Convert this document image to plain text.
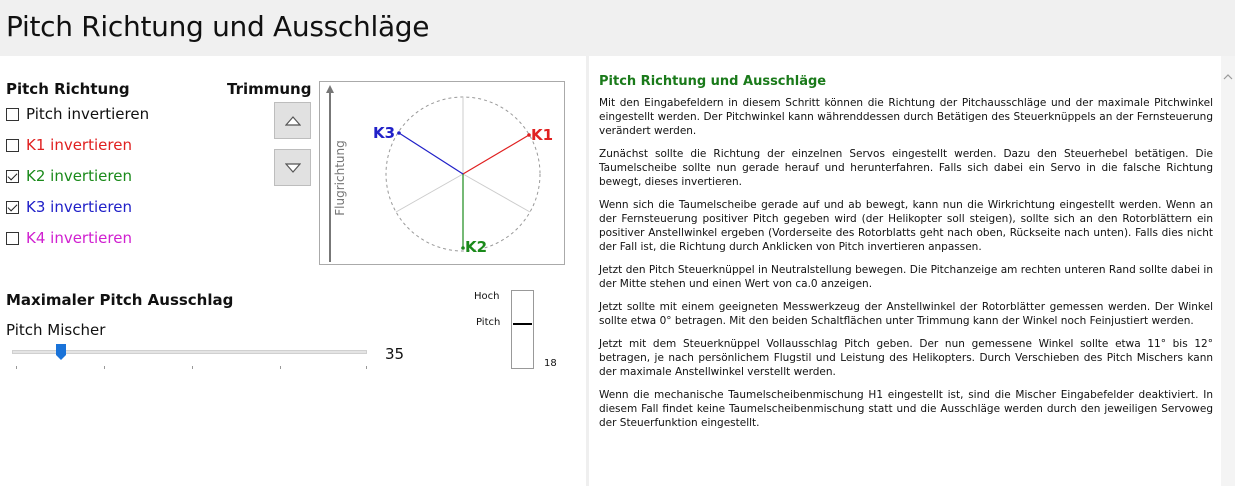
Pitch Richtung und Ausschläge
Pitch Richtung
Pitch invertieren
K1 invertieren
K2 invertieren
K3 invertieren
K4 invertieren
Trimmung
Flugrichtung
K1
K2
K3
Maximaler Pitch Ausschlag
Pitch Mischer
35
Hoch
Pitch
18
Pitch Richtung und Ausschläge

Mit den Eingabefeldern in diesem Schritt können die Richtung der Pitchausschläge und der maximale Pitchwinkel eingestellt werden. Der Pitchwinkel kann währenddessen durch Betätigen des Steuerknüppels an der Fernsteuerung verändert werden.

Zunächst sollte die Richtung der einzelnen Servos eingestellt werden. Dazu den Steuerhebel betätigen. Die Taumelscheibe sollte nun gerade herauf und herunterfahren. Falls sich dabei ein Servo in die falsche Richtung bewegt, dieses invertieren.

Wenn sich die Taumelscheibe gerade auf und ab bewegt, kann nun die Wirkrichtung eingestellt werden. Wenn an der Fernsteuerung positiver Pitch gegeben wird (der Helikopter soll steigen), sollte sich an den Rotorblättern ein positiver Anstellwinkel ergeben (Vorderseite des Rotorblatts geht nach oben, Rückseite nach unten). Falls dies nicht der Fall ist, die Richtung durch Anklicken von Pitch invertieren anpassen.

Jetzt den Pitch Steuerknüppel in Neutralstellung bewegen. Die Pitchanzeige am rechten unteren Rand sollte dabei in der Mitte stehen und einen Wert von ca.0 anzeigen.

Jetzt sollte mit einem geeigneten Messwerkzeug der Anstellwinkel der Rotorblätter gemessen werden. Der Winkel sollte etwa 0° betragen. Mit den beiden Schaltflächen unter Trimmung kann der Winkel noch Feinjustiert werden.

Jetzt mit dem Steuerknüppel Vollausschlag Pitch geben. Der nun gemessene Winkel sollte etwa 11° bis 12° betragen, je nach persönlichem Flugstil und Leistung des Helikopters. Durch Verschieben des Pitch Mischers kann der maximale Anstellwinkel verstellt werden.

Wenn die mechanische Taumelscheibenmischung H1 eingestellt ist, sind die Mischer Eingabefelder deaktiviert. In diesem Fall findet keine Taumelscheibenmischung statt und die Ausschläge werden durch den jeweiligen Servoweg der Steuerfunktion eingestellt.
